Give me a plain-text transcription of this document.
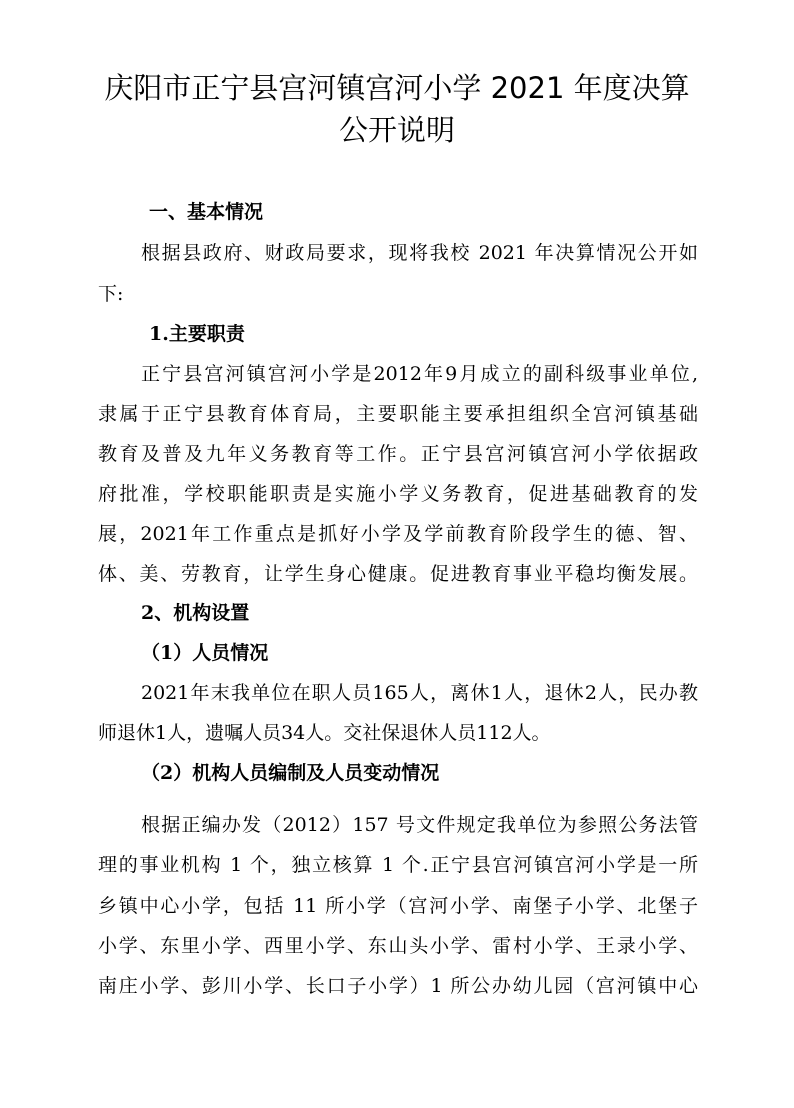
庆阳市正宁县宫河镇宫河小学 2021 年度决算
公开说明
一、基本情况
根据县政府、财政局要求，现将我校 2021 年决算情况公开如
下:
1.主要职责
正宁县宫河镇宫河小学是2012年9月成立的副科级事业单位,
隶属于正宁县教育体育局，主要职能主要承担组织全宫河镇基础
教育及普及九年义务教育等工作。正宁县宫河镇宫河小学依据政
府批准，学校职能职责是实施小学义务教育，促进基础教育的发
展，2021年工作重点是抓好小学及学前教育阶段学生的德、智、
体、美、劳教育，让学生身心健康。促进教育事业平稳均衡发展。
2、机构设置
（1）人员情况
2021年末我单位在职人员165人，离休1人，退休2人，民办教
师退休1人，遗嘱人员34人。交社保退休人员112人。
（2）机构人员编制及人员变动情况
根据正编办发（2012）157 号文件规定我单位为参照公务法管
理的事业机构 1 个，独立核算 1 个.正宁县宫河镇宫河小学是一所
乡镇中心小学，包括 11 所小学（宫河小学、南堡子小学、北堡子
小学、东里小学、西里小学、东山头小学、雷村小学、王录小学、
南庄小学、彭川小学、长口子小学）1 所公办幼儿园（宫河镇中心
